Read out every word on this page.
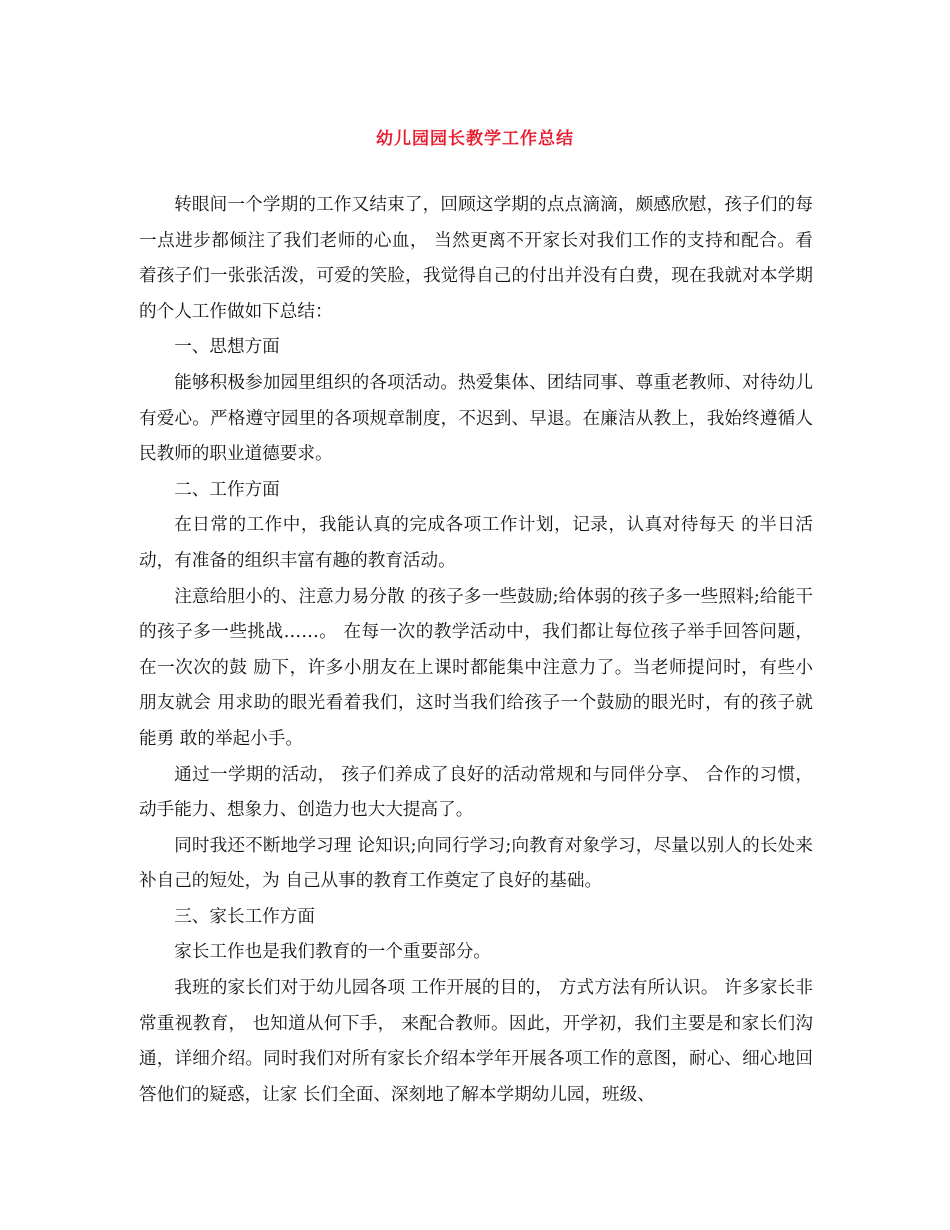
幼儿园园长教学工作总结

转眼间一个学期的工作又结束了，回顾这学期的点点滴滴，颇感欣慰，孩子们的每一点进步都倾注了我们老师的心血， 当然更离不开家长对我们工作的支持和配合。看着孩子们一张张活泼，可爱的笑脸，我觉得自己的付出并没有白费，现在我就对本学期的个人工作做如下总结：

一、思想方面

能够积极参加园里组织的各项活动。热爱集体、团结同事、尊重老教师、对待幼儿有爱心。严格遵守园里的各项规章制度，不迟到、早退。在廉洁从教上，我始终遵循人民教师的职业道德要求。

二、工作方面

在日常的工作中，我能认真的完成各项工作计划，记录，认真对待每天 的半日活动，有准备的组织丰富有趣的教育活动。

注意给胆小的、注意力易分散 的孩子多一些鼓励;给体弱的孩子多一些照料;给能干的孩子多一些挑战……。 在每一次的教学活动中，我们都让每位孩子举手回答问题，在一次次的鼓 励下，许多小朋友在上课时都能集中注意力了。当老师提问时，有些小朋友就会 用求助的眼光看着我们，这时当我们给孩子一个鼓励的眼光时，有的孩子就能勇 敢的举起小手。

通过一学期的活动， 孩子们养成了良好的活动常规和与同伴分享、 合作的习惯，动手能力、想象力、创造力也大大提高了。

同时我还不断地学习理 论知识;向同行学习;向教育对象学习，尽量以别人的长处来补自己的短处，为 自己从事的教育工作奠定了良好的基础。

三、家长工作方面

家长工作也是我们教育的一个重要部分。

我班的家长们对于幼儿园各项 工作开展的目的， 方式方法有所认识。 许多家长非常重视教育， 也知道从何下手， 来配合教师。因此，开学初，我们主要是和家长们沟通，详细介绍。同时我们对所有家长介绍本学年开展各项工作的意图，耐心、细心地回答他们的疑惑，让家 长们全面、深刻地了解本学期幼儿园，班级、
